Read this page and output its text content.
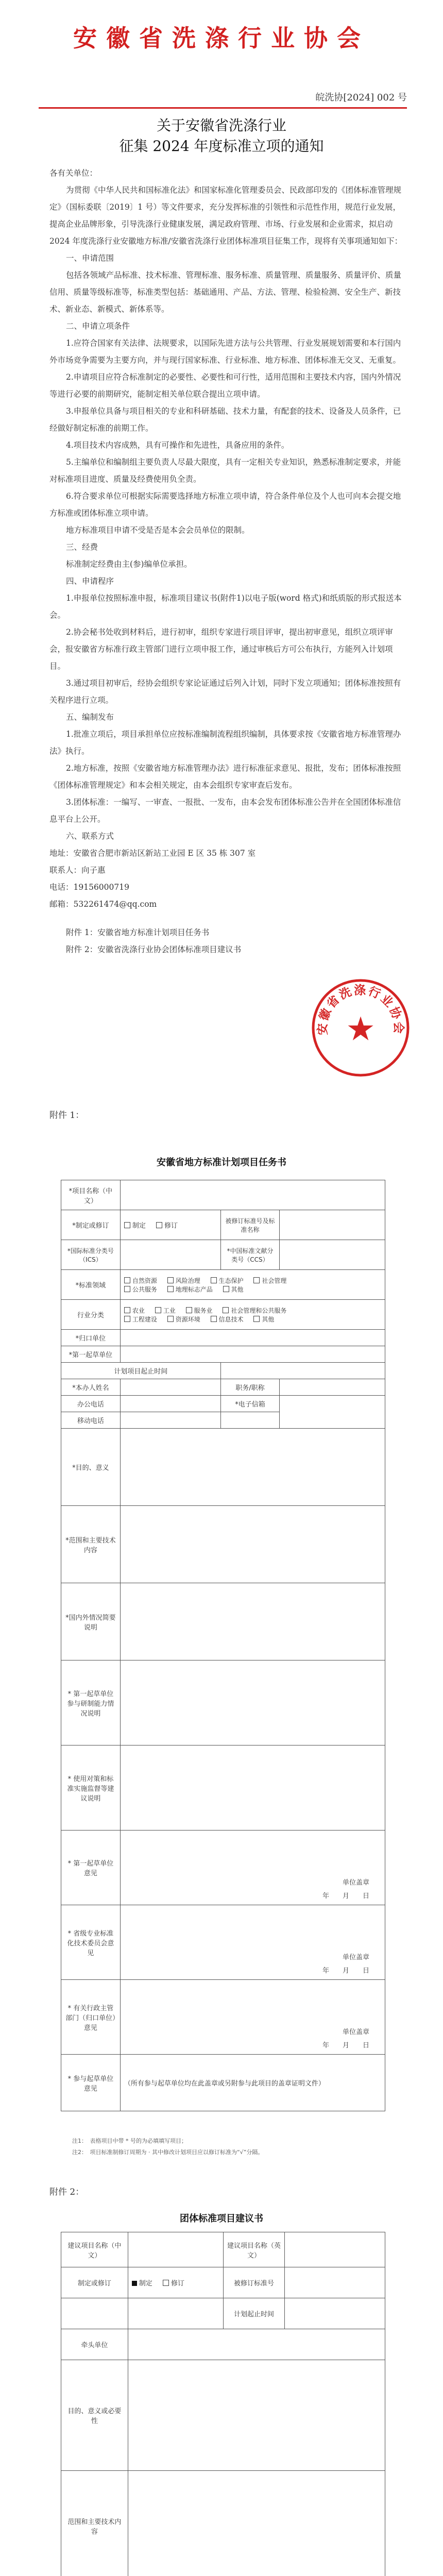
安徽省洗涤行业协会
皖洗协[2024] 002 号
关于安徽省洗涤行业
征集 2024 年度标准立项的通知

各有关单位：

为贯彻《中华人民共和国标准化法》和国家标准化管理委员会、民政部印发的《团体标准管理规定》（国标委联〔2019〕1 号）等文件要求，充分发挥标准的引领性和示范性作用，规范行业发展，提高企业品牌形象，引导洗涤行业健康发展，满足政府管理、市场、行业发展和企业需求，拟启动 2024 年度洗涤行业安徽地方标准/安徽省洗涤行业团体标准项目征集工作，现将有关事项通知如下：

一、申请范围

包括各领域产品标准、技术标准、管理标准、服务标准、质量管理、质量服务、质量评价、质量信用、质量等级标准等，标准类型包括：基础通用、产品、方法、管理、检验检测、安全生产、新技术、新业态、新模式、新体系等。

二、申请立项条件

1.应符合国家有关法律、法规要求，以国际先进方法与公共管理、行业发展规划需要和本行国内外市场竞争需要为主要方向，并与现行国家标准、行业标准、地方标准、团体标准无交叉、无重复。

2.申请项目应符合标准制定的必要性、必要性和可行性，适用范围和主要技术内容，国内外情况等进行必要的前期研究，能制定相关单位联合提出立项申请。

3.申报单位具备与项目相关的专业和科研基础、技术力量，有配套的技术、设备及人员条件，已经做好制定标准的前期工作。

4.项目技术内容成熟，具有可操作和先进性，具备应用的条件。

5.主编单位和编制组主要负责人尽最大限度，具有一定相关专业知识，熟悉标准制定要求，并能对标准项目进度、质量及经费使用负全责。

6.符合要求单位可根据实际需要选择地方标准立项申请，符合条件单位及个人也可向本会提交地方标准或团体标准立项申请。

地方标准项目申请不受是否是本会会员单位的限制。

三、经费

标准制定经费由主(参)编单位承担。

四、申请程序

1.申报单位按照标准申报，标准项目建议书(附件1)以电子版(word 格式)和纸质版的形式报送本会。

2.协会秘书处收到材料后，进行初审，组织专家进行项目评审，提出初审意见，组织立项评审会，报安徽省方标准行政主管部门进行立项申报工作，通过审核后方可公布执行，方能列入计划项目。

3.通过项目初审后，经协会组织专家论证通过后列入计划，同时下发立项通知；团体标准按照有关程序进行立项。

五、编制发布

1.批准立项后，项目承担单位应按标准编制流程组织编制，具体要求按《安徽省地方标准管理办法》执行。

2.地方标准，按照《安徽省地方标准管理办法》进行标准征求意见、报批，发布；团体标准按照《团体标准管理规定》和本会相关规定，由本会组织专家审查后发布。

3.团体标准：一编写、一审查、一报批、一发布，由本会发布团体标准公告并在全国团体标准信息平台上公开。

六、联系方式

地址：安徽省合肥市新站区新站工业园 E 区 35 栋 307 室

联系人：向子惠

电话：19156000719

邮箱：532261474@qq.com

附件 1：安徽省地方标准计划项目任务书

附件 2：安徽省洗涤行业协会团体标准项目建议书

安徽省洗涤行业协会
★
附件 1：
安徽省地方标准计划项目任务书
*项目名称（中文）			
*制定或修订	制定 修订	被修订标准号及标准名称	
*国际标准分类号（ICS）		*中国标准文献分类号（CCS）	
*标准领域	自然资源 风险治理 生态保护 社会管理
公共服务 地理标志产品 其他		
行业分类	农业 工业 服务业 社会管理和公共服务
工程建设 资源环境 信息技术 其他		
*归口单位			
*第一起草单位			
计划项目起止时间			
*本办人姓名		职务/职称	
办公电话		*电子信箱	
移动电话			
*目的、意义			
*范围和主要技术内容			
*国内外情况简要说明			
* 第一起草单位参与研制能力情况说明			
* 使用对策和标准实施监督等建议说明			
* 第一起草单位意见	单位盖章
年　　月　　日		

* 省级专业标准化技术委员会意见	单位盖章
年　　月　　日		

* 有关行政主管部门（归口单位）意见	单位盖章
年　　月　　日		

* 参与起草单位意见	（所有参与起草单位均在此盖章或另附参与此项目的盖章证明文件）		
注1：　表格项目中带 * 号的为必填填写项目；
注2：　项目标准制修订周期为 · 其中修改计划项目应以修订标准为“√”分隔。
附件 2：
团体标准项目建议书
建议项目名称（中文）		建议项目名称（英文）	
制定或修订	制定 修订	被修订标准号	
		计划起止时间	
牵头单位			
目的、意义或必要性			
范围和主要技术内容			
